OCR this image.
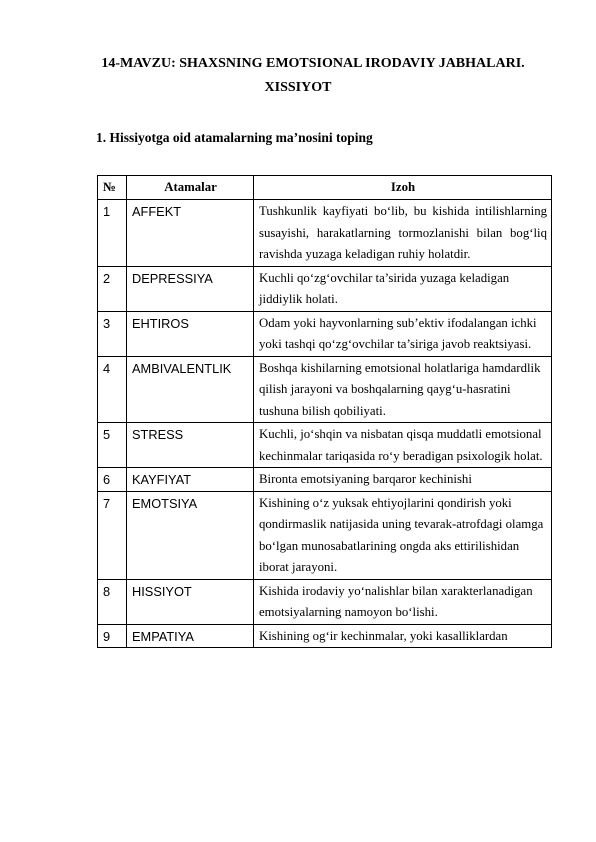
14-MAVZU: SHAXSNING EMOTSIONAL IRODAVIY JABHALARI.
XISSIYOT
1. Hissiyotga oid atamalarning ma’nosini toping
№	Atamalar	Izoh
1	AFFEKT	Tushkunlik kayfiyati bo‘lib, bu kishida intilishlarning susayishi, harakatlarning tormozlanishi bilan bog‘liq ravishda yuzaga keladigan ruhiy holatdir.
2	DEPRESSIYA	Kuchli qo‘zg‘ovchilar ta’sirida yuzaga keladigan jiddiylik holati.
3	EHTIROS	Odam yoki hayvonlarning sub’ektiv ifodalangan ichki yoki tashqi qo‘zg‘ovchilar ta’siriga javob reaktsiyasi.
4	AMBIVALENTLIK	Boshqa kishilarning emotsional holatlariga hamdardlik qilish jarayoni va boshqalarning qayg‘u-hasratini tushuna bilish qobiliyati.
5	STRESS	Kuchli, jo‘shqin va nisbatan qisqa muddatli emotsional kechinmalar tariqasida ro‘y beradigan psixologik holat.
6	KAYFIYAT	Bironta emotsiyaning barqaror kechinishi
7	EMOTSIYA	Kishining o‘z yuksak ehtiyojlarini qondirish yoki qondirmaslik natijasida uning tevarak-atrofdagi olamga bo‘lgan munosabatlarining ongda aks ettirilishidan iborat jarayoni.
8	HISSIYOT	Kishida irodaviy yo‘nalishlar bilan xarakterlanadigan emotsiyalarning namoyon bo‘lishi.
9	EMPATIYA	Kishining og‘ir kechinmalar, yoki kasalliklardan
